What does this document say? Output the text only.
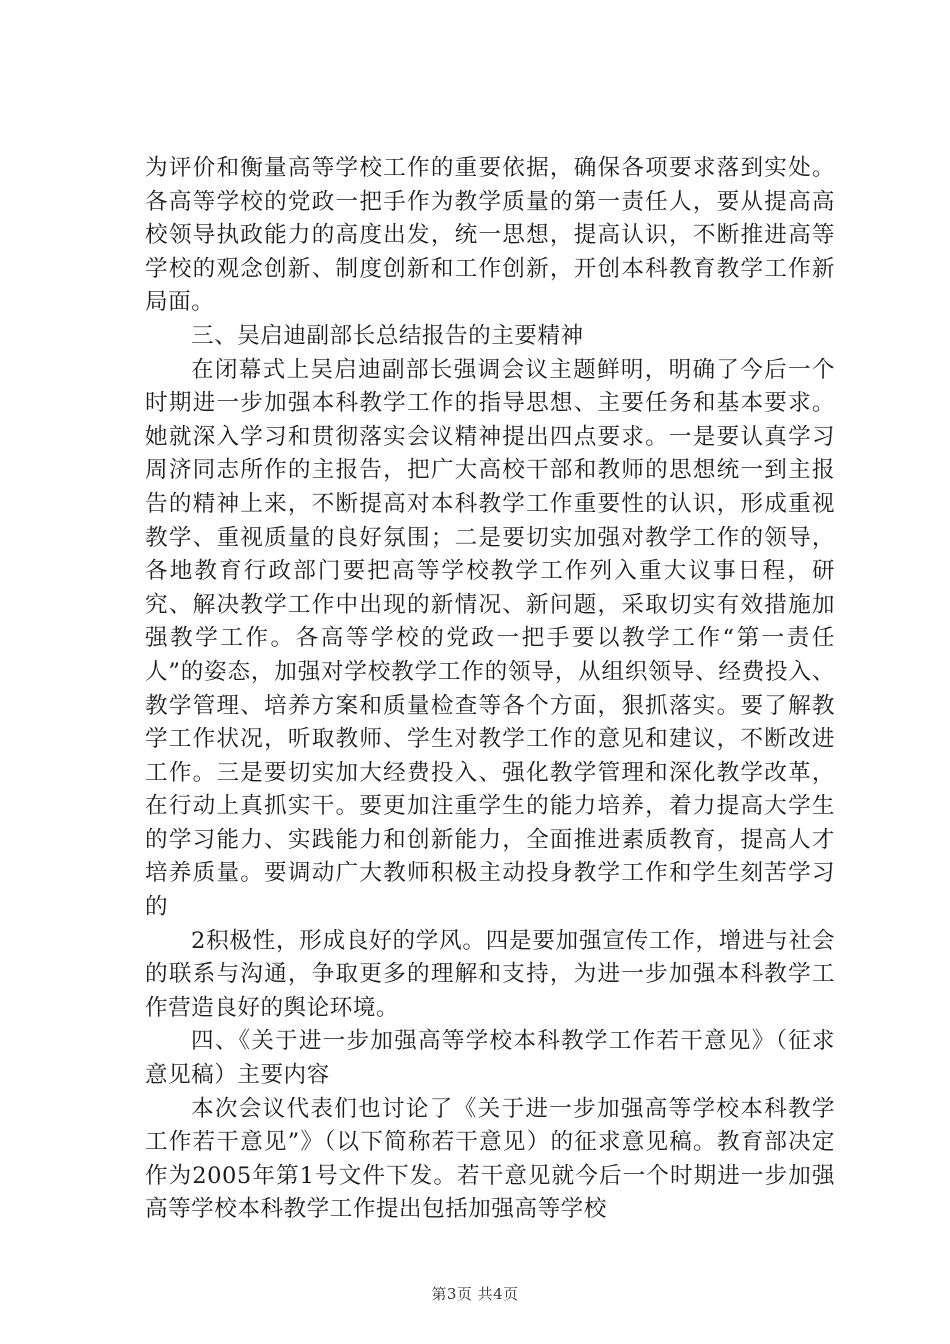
为评价和衡量高等学校工作的重要依据，确保各项要求落到实处。各高等学校的党政一把手作为教学质量的第一责任人，要从提高高校领导执政能力的高度出发，统一思想，提高认识，不断推进高等学校的观念创新、制度创新和工作创新，开创本科教育教学工作新局面。

三、吴启迪副部长总结报告的主要精神

在闭幕式上吴启迪副部长强调会议主题鲜明，明确了今后一个时期进一步加强本科教学工作的指导思想、主要任务和基本要求。她就深入学习和贯彻落实会议精神提出四点要求。一是要认真学习周济同志所作的主报告，把广大高校干部和教师的思想统一到主报告的精神上来，不断提高对本科教学工作重要性的认识，形成重视教学、重视质量的良好氛围；二是要切实加强对教学工作的领导，各地教育行政部门要把高等学校教学工作列入重大议事日程，研究、解决教学工作中出现的新情况、新问题，采取切实有效措施加强教学工作。各高等学校的党政一把手要以教学工作“第一责任人”的姿态，加强对学校教学工作的领导，从组织领导、经费投入、教学管理、培养方案和质量检查等各个方面，狠抓落实。要了解教学工作状况，听取教师、学生对教学工作的意见和建议，不断改进工作。三是要切实加大经费投入、强化教学管理和深化教学改革，在行动上真抓实干。要更加注重学生的能力培养，着力提高大学生的学习能力、实践能力和创新能力，全面推进素质教育，提高人才培养质量。要调动广大教师积极主动投身教学工作和学生刻苦学习的

2积极性，形成良好的学风。四是要加强宣传工作，增进与社会的联系与沟通，争取更多的理解和支持，为进一步加强本科教学工作营造良好的舆论环境。

四、《关于进一步加强高等学校本科教学工作若干意见》（征求意见稿）主要内容

本次会议代表们也讨论了《关于进一步加强高等学校本科教学工作若干意见”》（以下简称若干意见）的征求意见稿。教育部决定作为2005年第1号文件下发。若干意见就今后一个时期进一步加强高等学校本科教学工作提出包括加强高等学校

第3页 共4页
